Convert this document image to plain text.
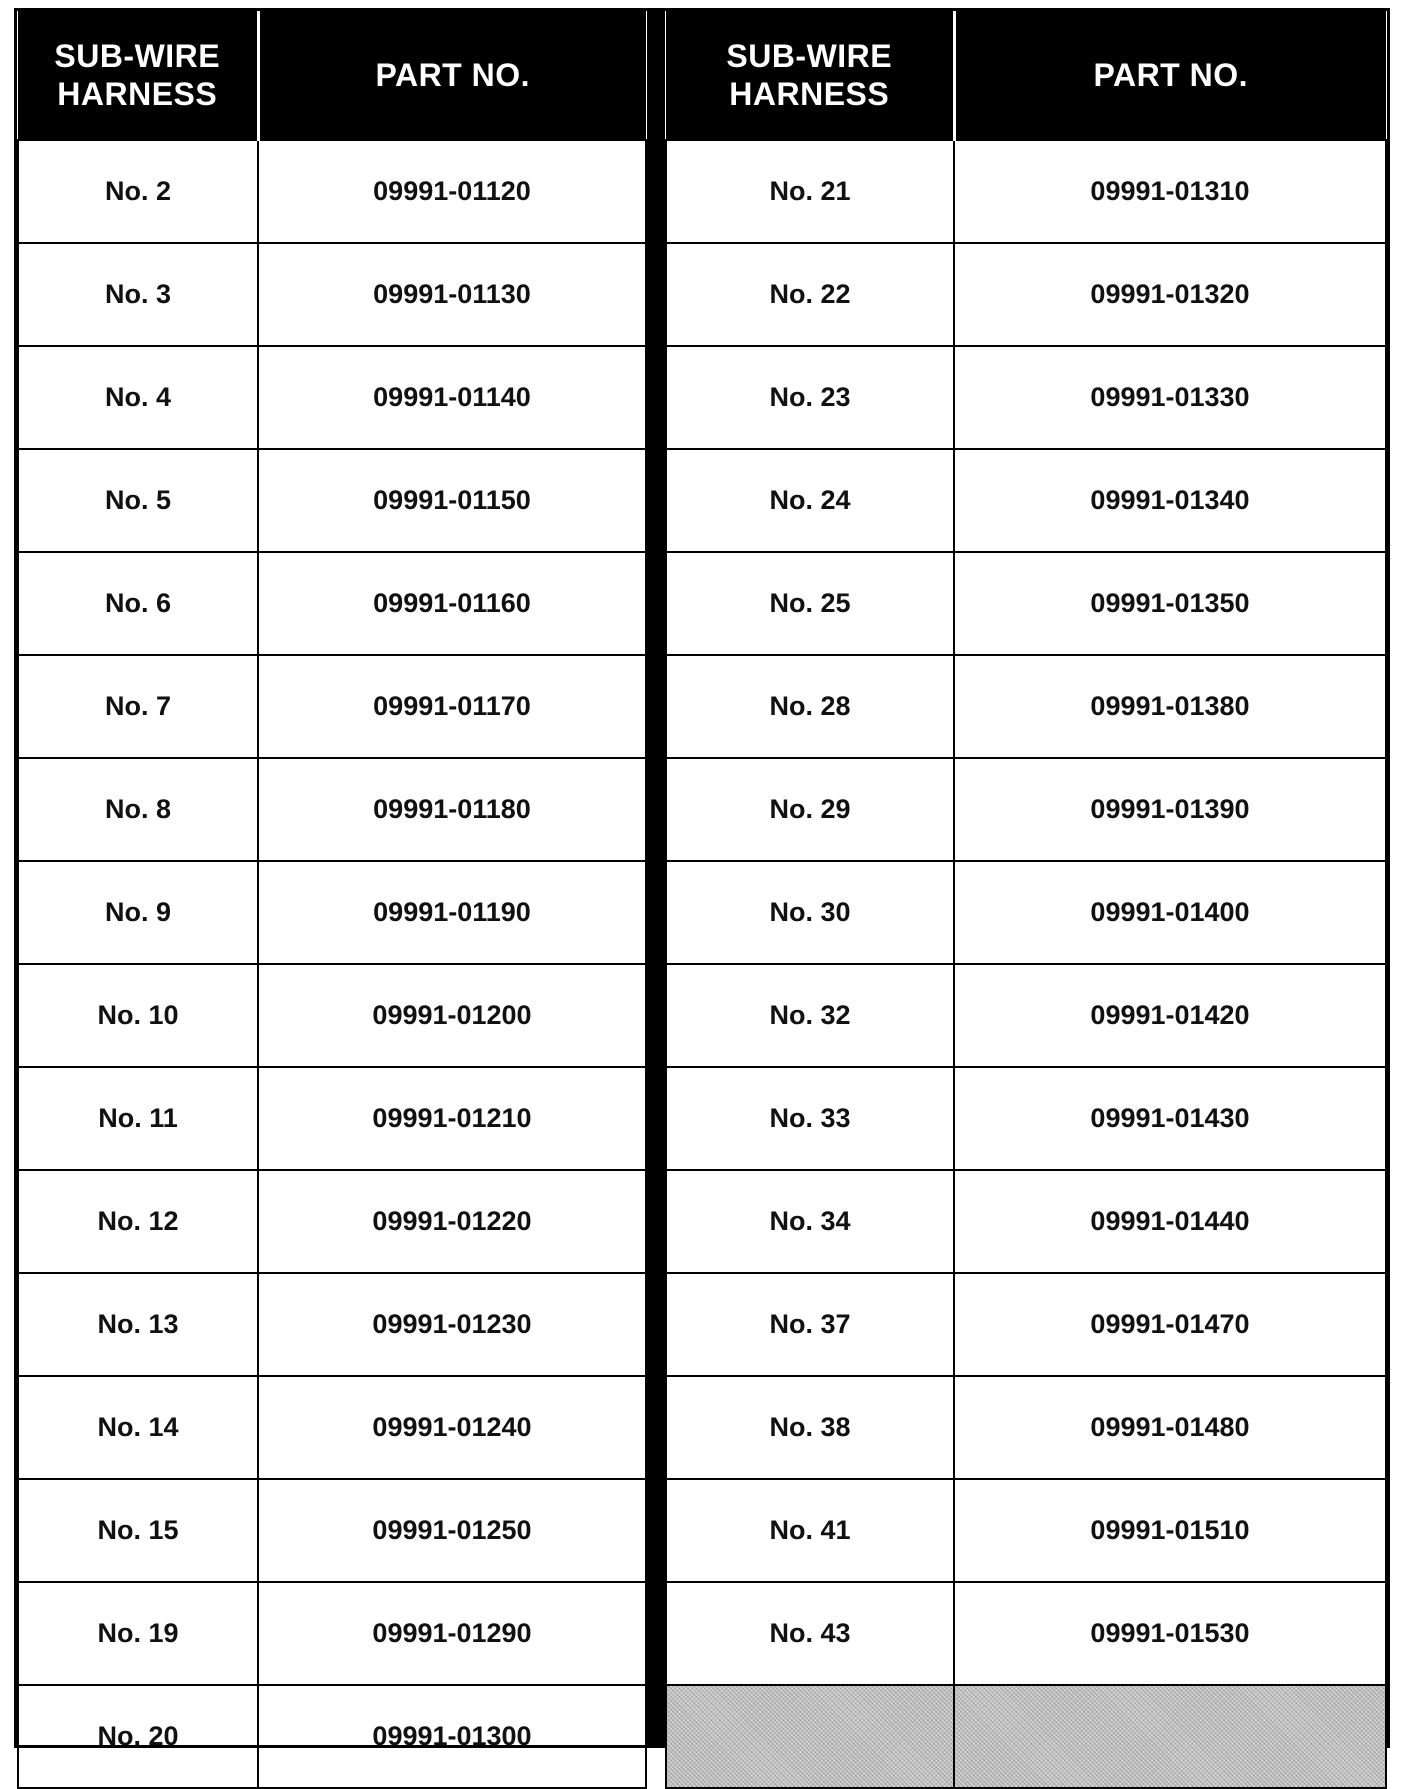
SUB-WIRE
HARNESS	PART NO.
No. 2	09991-01120
No. 3	09991-01130
No. 4	09991-01140
No. 5	09991-01150
No. 6	09991-01160
No. 7	09991-01170
No. 8	09991-01180
No. 9	09991-01190
No. 10	09991-01200
No. 11	09991-01210
No. 12	09991-01220
No. 13	09991-01230
No. 14	09991-01240
No. 15	09991-01250
No. 19	09991-01290
No. 20	09991-01300
SUB-WIRE
HARNESS	PART NO.
No. 21	09991-01310
No. 22	09991-01320
No. 23	09991-01330
No. 24	09991-01340
No. 25	09991-01350
No. 28	09991-01380
No. 29	09991-01390
No. 30	09991-01400
No. 32	09991-01420
No. 33	09991-01430
No. 34	09991-01440
No. 37	09991-01470
No. 38	09991-01480
No. 41	09991-01510
No. 43	09991-01530
